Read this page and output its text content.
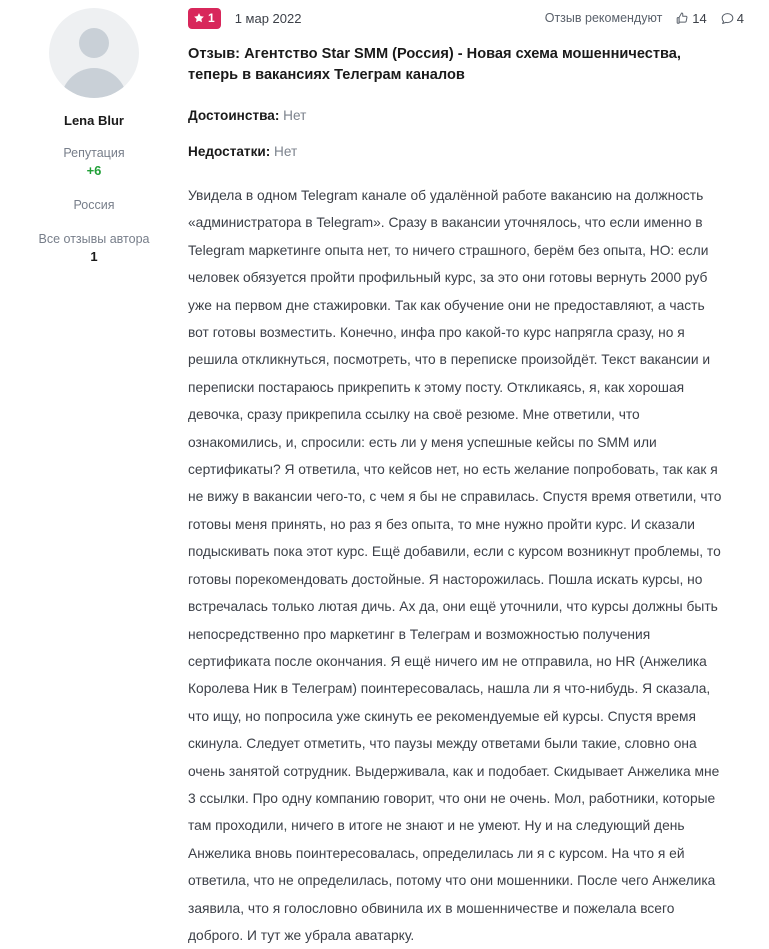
Lena Blur
Репутация
+6
Россия
Все отзывы автора
1
1 1 мар 2022	Отзыв рекомендуют 14 4
Отзыв: Агентство Star SMM (Россия) - Новая схема мошенничества, теперь в вакансиях Телеграм каналов
Достоинства: Нет
Недостатки: Нет

Увидела в одном Telegram канале об удалённой работе вакансию на должность «администратора в Telegram». Сразу в вакансии уточнялось, что если именно в Telegram маркетинге опыта нет, то ничего страшного, берём без опыта, НО: если человек обязуется пройти профильный курс, за это они готовы вернуть 2000 руб уже на первом дне стажировки. Так как обучение они не предоставляют, а часть вот готовы возместить. Конечно, инфа про какой-то курс напрягла сразу, но я решила откликнуться, посмотреть, что в переписке произойдёт. Текст вакансии и переписки постараюсь прикрепить к этому посту. Откликаясь, я, как хорошая девочка, сразу прикрепила ссылку на своё резюме. Мне ответили, что ознакомились, и, спросили: есть ли у меня успешные кейсы по SMM или сертификаты? Я ответила, что кейсов нет, но есть желание попробовать, так как я не вижу в вакансии чего-то, с чем я бы не справилась. Спустя время ответили, что готовы меня принять, но раз я без опыта, то мне нужно пройти курс. И сказали подыскивать пока этот курс. Ещё добавили, если с курсом возникнут проблемы, то готовы порекомендовать достойные. Я насторожилась. Пошла искать курсы, но встречалась только лютая дичь. Ах да, они ещё уточнили, что курсы должны быть непосредственно про маркетинг в Телеграм и возможностью получения сертификата после окончания. Я ещё ничего им не отправила, но HR (Анжелика Королева Ник в Телеграм) поинтересовалась, нашла ли я что-нибудь. Я сказала, что ищу, но попросила уже скинуть ее рекомендуемые ей курсы. Спустя время скинула. Следует отметить, что паузы между ответами были такие, словно она очень занятой сотрудник. Выдерживала, как и подобает. Скидывает Анжелика мне 3 ссылки. Про одну компанию говорит, что они не очень. Мол, работники, которые там проходили, ничего в итоге не знают и не умеют. Ну и на следующий день Анжелика вновь поинтересовалась, определилась ли я с курсом. На что я ей ответила, что не определилась, потому что они мошенники. После чего Анжелика заявила, что я голословно обвинила их в мошенничестве и пожелала всего доброго. И тут же убрала аватарку.
